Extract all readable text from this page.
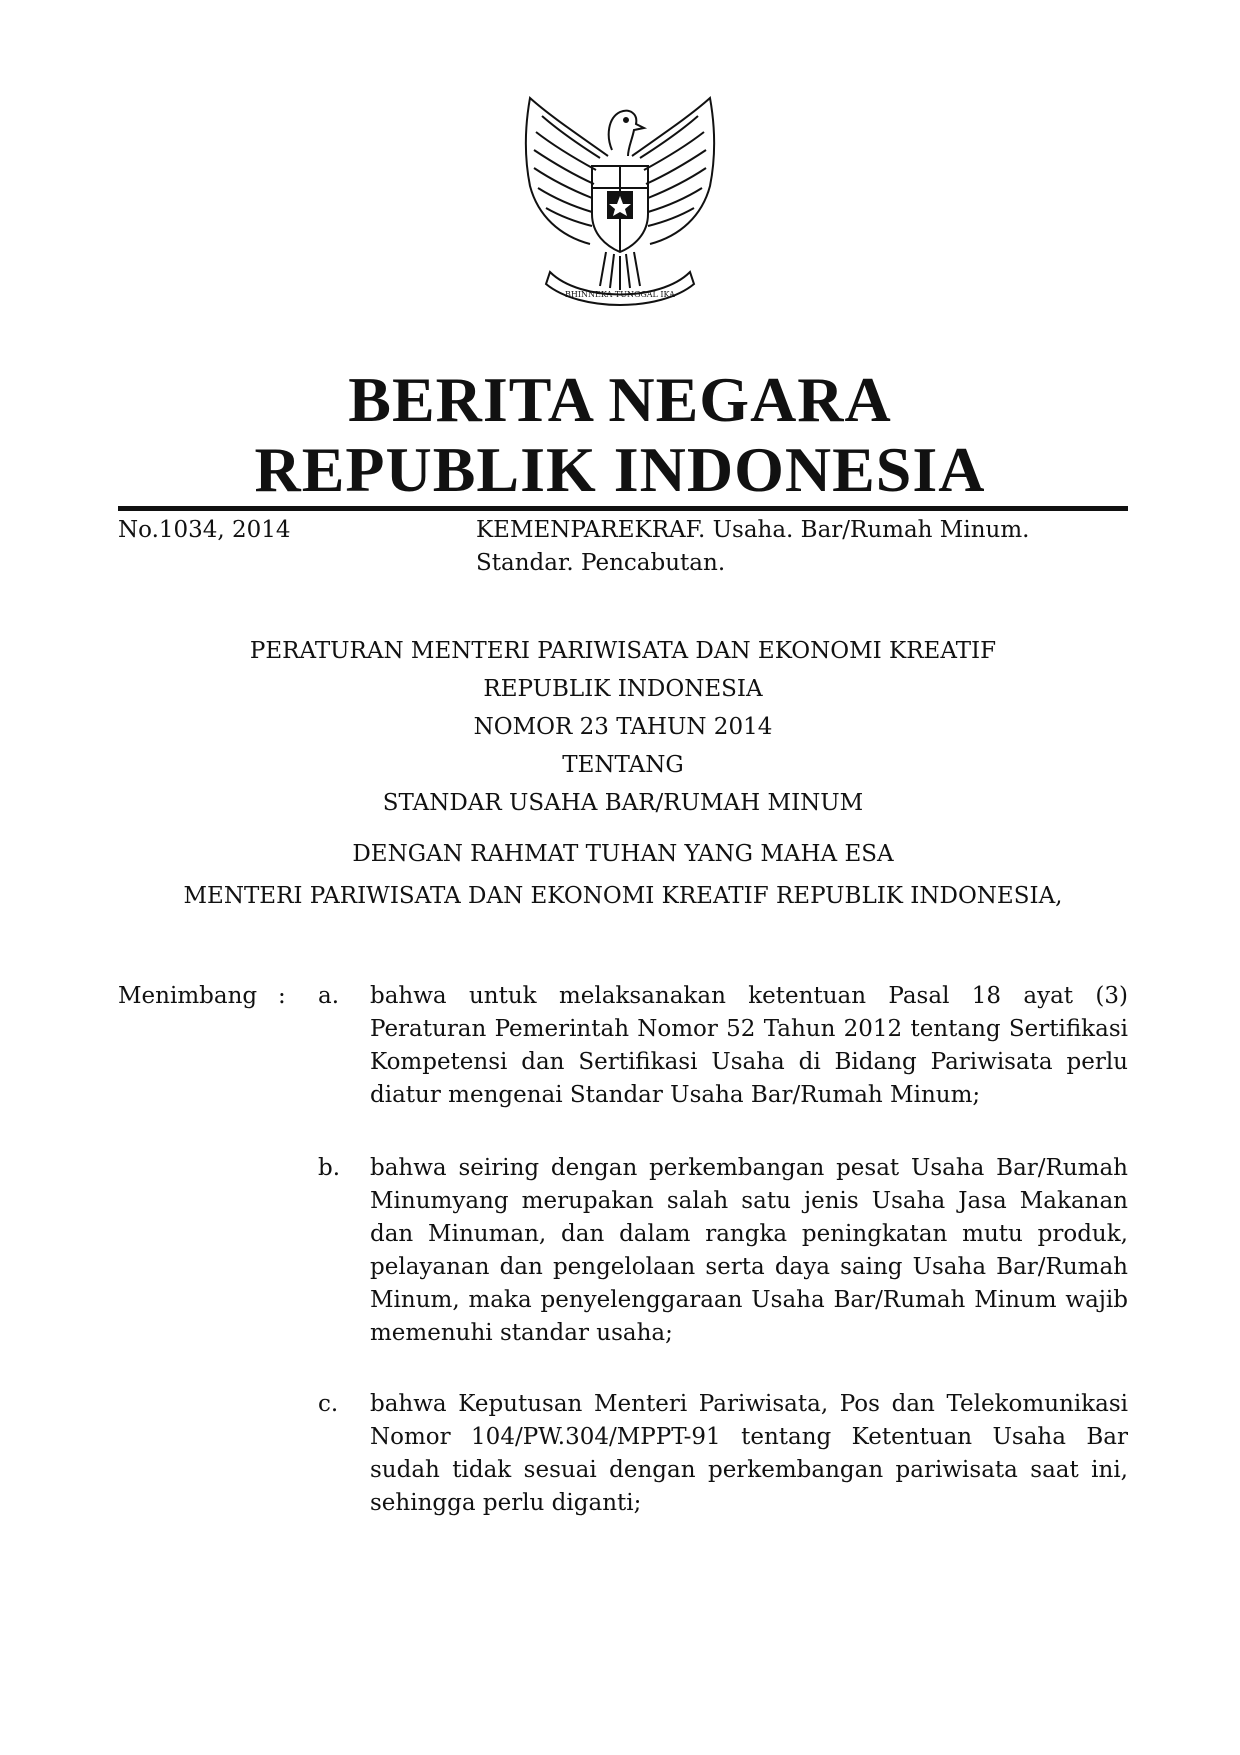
BHINNEKA TUNGGAL IKA
BERITA NEGARA
REPUBLIK INDONESIA
No.1034, 2014	KEMENPAREKRAF. Usaha. Bar/Rumah Minum.
Standar. Pencabutan.
PERATURAN MENTERI PARIWISATA DAN EKONOMI KREATIF
REPUBLIK INDONESIA
NOMOR 23 TAHUN 2014
TENTANG
STANDAR USAHA BAR/RUMAH MINUM
DENGAN RAHMAT TUHAN YANG MAHA ESA
MENTERI PARIWISATA DAN EKONOMI KREATIF REPUBLIK INDONESIA,
Menimbang : a.	bahwa untuk melaksanakan ketentuan Pasal 18 ayat (3) Peraturan Pemerintah Nomor 52 Tahun 2012 tentang Sertifikasi Kompetensi dan Sertifikasi Usaha di Bidang Pariwisata perlu diatur mengenai Standar Usaha Bar/Rumah Minum;
b.	bahwa seiring dengan perkembangan pesat Usaha Bar/Rumah Minumyang merupakan salah satu jenis Usaha Jasa Makanan dan Minuman, dan dalam rangka peningkatan mutu produk, pelayanan dan pengelolaan serta daya saing Usaha Bar/Rumah Minum, maka penyelenggaraan Usaha Bar/Rumah Minum wajib memenuhi standar usaha;
c.	bahwa Keputusan Menteri Pariwisata, Pos dan Telekomunikasi Nomor 104/PW.304/MPPT-91 tentang Ketentuan Usaha Bar sudah tidak sesuai dengan perkembangan pariwisata saat ini, sehingga perlu diganti;
